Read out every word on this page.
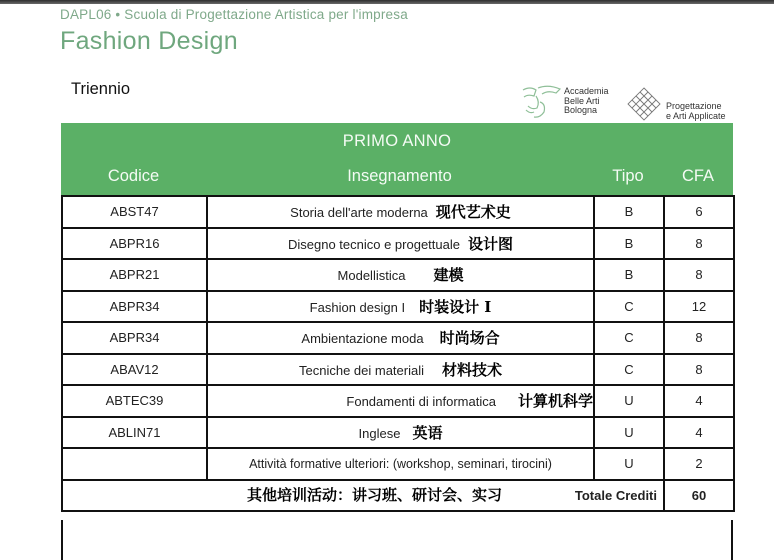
DAPL06 • Scuola di Progettazione Artistica per l'impresa
Fashion Design
Triennio	Accademia
Belle Arti
Bologna	Progettazione
e Arti Applicate
PRIMO ANNO
Codice	Insegnamento	Tipo	CFA
ABST47	Storia dell'arte moderna 现代艺术史	B	6
ABPR16	Disegno tecnico e progettuale 设计图	B	8
ABPR21	Modellistica 建模	B	8
ABPR34	Fashion design I 时装设计 I	C	12
ABPR34	Ambientazione moda 时尚场合	C	8
ABAV12	Tecniche dei materiali 材料技术	C	8
ABTEC39	Fondamenti di informatica 计算机科学	U	4
ABLIN71	Inglese 英语	U	4
	Attività formative ulteriori: (workshop, seminari, tirocini)	U	2
Totale Crediti			60
其他培训活动：讲习班、研讨会、实习
